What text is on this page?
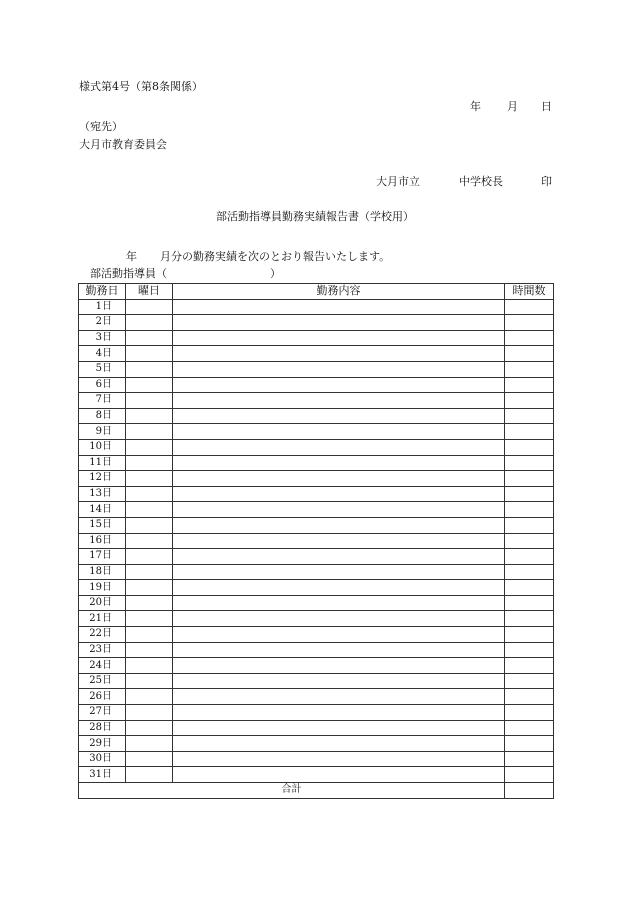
様式第4号（第8条関係）
年 月 日
（宛先）
大月市教育委員会
大月市立	中学校長	印
部活動指導員勤務実績報告書（学校用）
年 月分の勤務実績を次のとおり報告いたします。
部活動指導員（	）
勤務日	曜日	勤務内容	時間数
1日			
2日			
3日			
4日			
5日			
6日			
7日			
8日			
9日			
10日			
11日			
12日			
13日			
14日			
15日			
16日			
17日			
18日			
19日			
20日			
21日			
22日			
23日			
24日			
25日			
26日			
27日			
28日			
29日			
30日			
31日			
合計			
